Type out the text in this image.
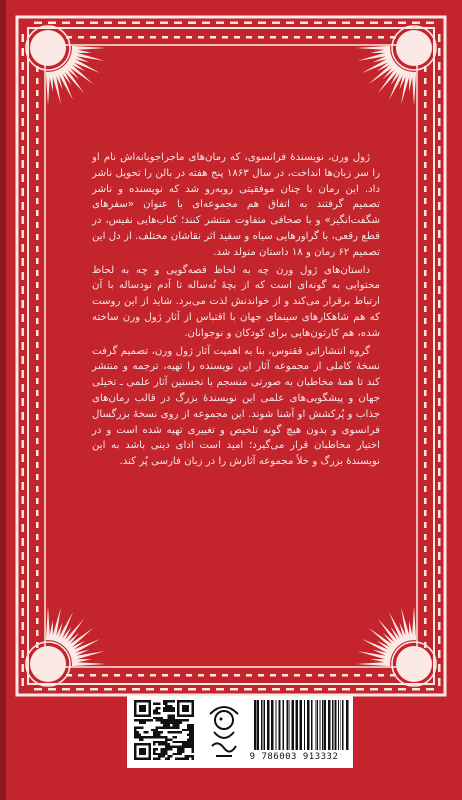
ژول ورن، نویسندهٔ فرانسوی، که رمان‌های ماجراجویانه‌اش نام او را سر زبان‌ها انداخت، در سال ۱۸۶۳ پنج هفته در بالن را تحویل ناشر داد. این رمان با چنان موفقیتی روبه‌رو شد که نویسنده و ناشر تصمیم گرفتند به اتفاق هم مجموعه‌ای با عنوان «سفرهای شگفت‌انگیز» و با صحافی متفاوت منتشر کنند؛ کتاب‌هایی نفیس، در قطع رقعی، با گراورهایی سیاه و سفید اثر نقاشان مختلف. از دل این تصمیم ۶۲ رمان و ۱۸ داستان متولد شد.

داستان‌های ژول ورن چه به لحاظ قصه‌گویی و چه به لحاظ محتوایی به گونه‌ای است که از بچهٔ نُه‌ساله تا آدم نودساله با آن ارتباط برقرار می‌کند و از خواندنش لذت می‌برد. شاید از این روست که هم شاهکارهای سینمای جهان با اقتباس از آثار ژول ورن ساخته شده، هم کارتون‌هایی برای کودکان و نوجوانان.

گروه انتشاراتی ققنوس، بنا به اهمیت آثار ژول ورن، تصمیم گرفت نسخهٔ کاملی از مجموعه آثار این نویسنده را تهیه، ترجمه و منتشر کند تا همهٔ مخاطبان به صورتی منسجم با نخستین آثار علمی ـ تخیلی جهان و پیشگویی‌های علمی این نویسندهٔ بزرگ در قالب رمان‌های جذاب و پُرکشش او آشنا شوند. این مجموعه از روی نسخهٔ بزرگسال فرانسوی و بدون هیچ گونه تلخیص و تغییری تهیه شده است و در اختیار مخاطبان قرار می‌گیرد؛ امید است ادای دینی باشد به این نویسندهٔ بزرگ و خلأ مجموعه آثارش را در زبان فارسی پُر کند.

9 786003 913332
